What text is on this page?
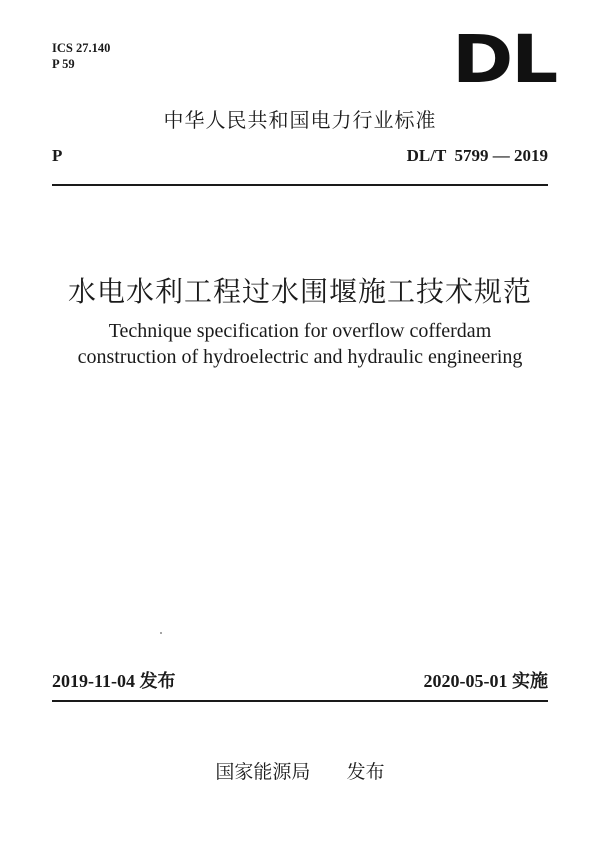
ICS 27.140
P 59	DL
中华人民共和国电力行业标准
P	DL/T  5799 — 2019
水电水利工程过水围堰施工技术规范
Technique specification for overflow cofferdam
construction of hydroelectric and hydraulic engineering
2019-11-04 发布	2020-05-01 实施
国家能源局 发布
